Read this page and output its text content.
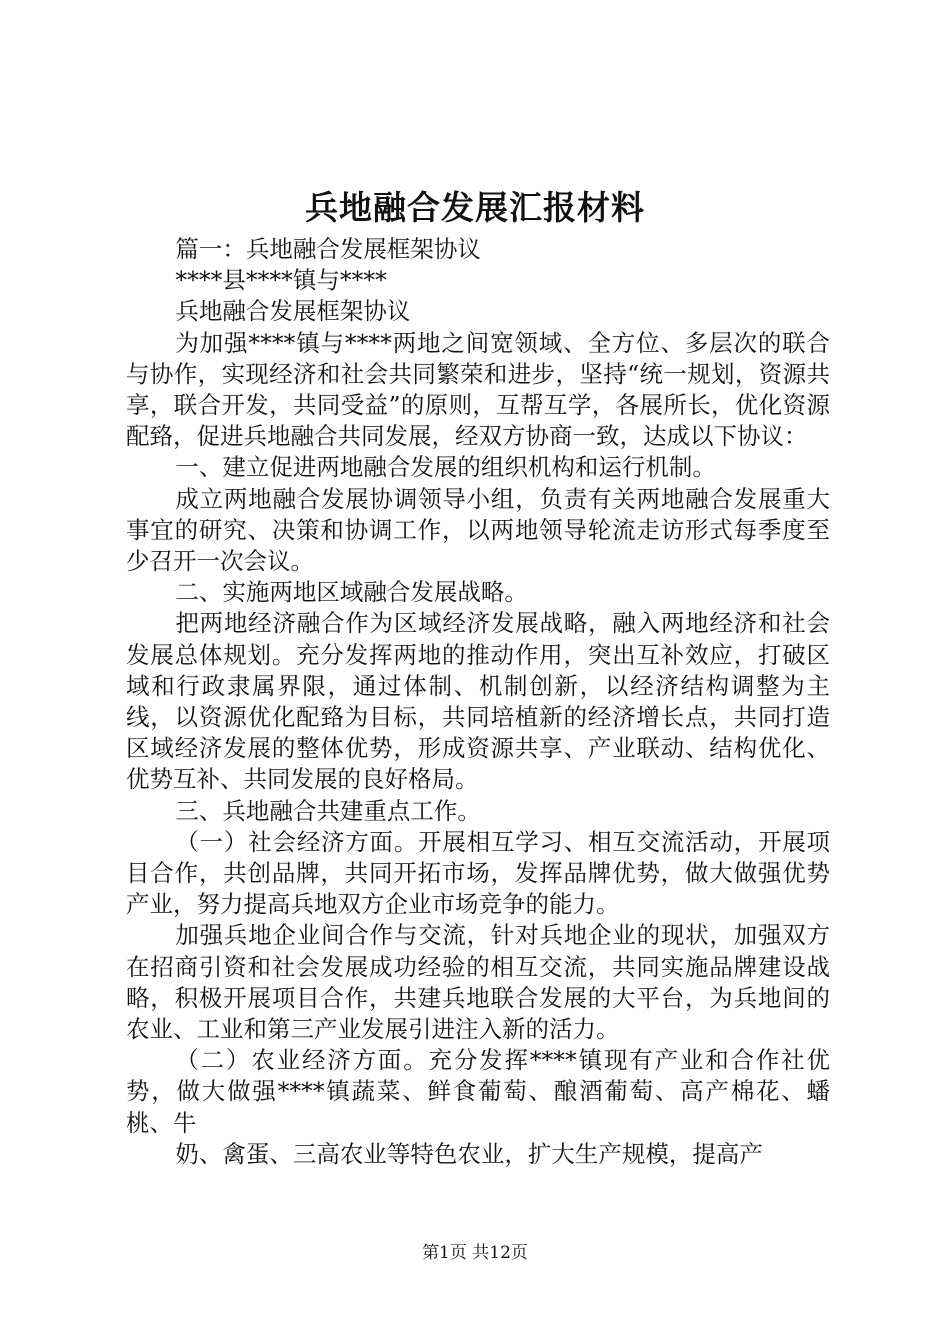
兵地融合发展汇报材料

篇一：兵地融合发展框架协议

****县****镇与****

兵地融合发展框架协议

为加强****镇与****两地之间宽领域、全方位、多层次的联合与协作，实现经济和社会共同繁荣和进步，坚持“统一规划，资源共享，联合开发，共同受益”的原则，互帮互学，各展所长，优化资源配臵，促进兵地融合共同发展，经双方协商一致，达成以下协议：

一、建立促进两地融合发展的组织机构和运行机制。

成立两地融合发展协调领导小组，负责有关两地融合发展重大事宜的研究、决策和协调工作，以两地领导轮流走访形式每季度至少召开一次会议。

二、实施两地区域融合发展战略。

把两地经济融合作为区域经济发展战略，融入两地经济和社会发展总体规划。充分发挥两地的推动作用，突出互补效应，打破区域和行政隶属界限，通过体制、机制创新，以经济结构调整为主线，以资源优化配臵为目标，共同培植新的经济增长点，共同打造区域经济发展的整体优势，形成资源共享、产业联动、结构优化、优势互补、共同发展的良好格局。

三、兵地融合共建重点工作。

（一）社会经济方面。开展相互学习、相互交流活动，开展项目合作，共创品牌，共同开拓市场，发挥品牌优势，做大做强优势产业，努力提高兵地双方企业市场竞争的能力。

加强兵地企业间合作与交流，针对兵地企业的现状，加强双方在招商引资和社会发展成功经验的相互交流，共同实施品牌建设战略，积极开展项目合作，共建兵地联合发展的大平台，为兵地间的农业、工业和第三产业发展引进注入新的活力。

（二）农业经济方面。充分发挥****镇现有产业和合作社优势，做大做强****镇蔬菜、鲜食葡萄、酿酒葡萄、高产棉花、蟠桃、牛

奶、禽蛋、三高农业等特色农业，扩大生产规模，提高产

第1页 共12页
